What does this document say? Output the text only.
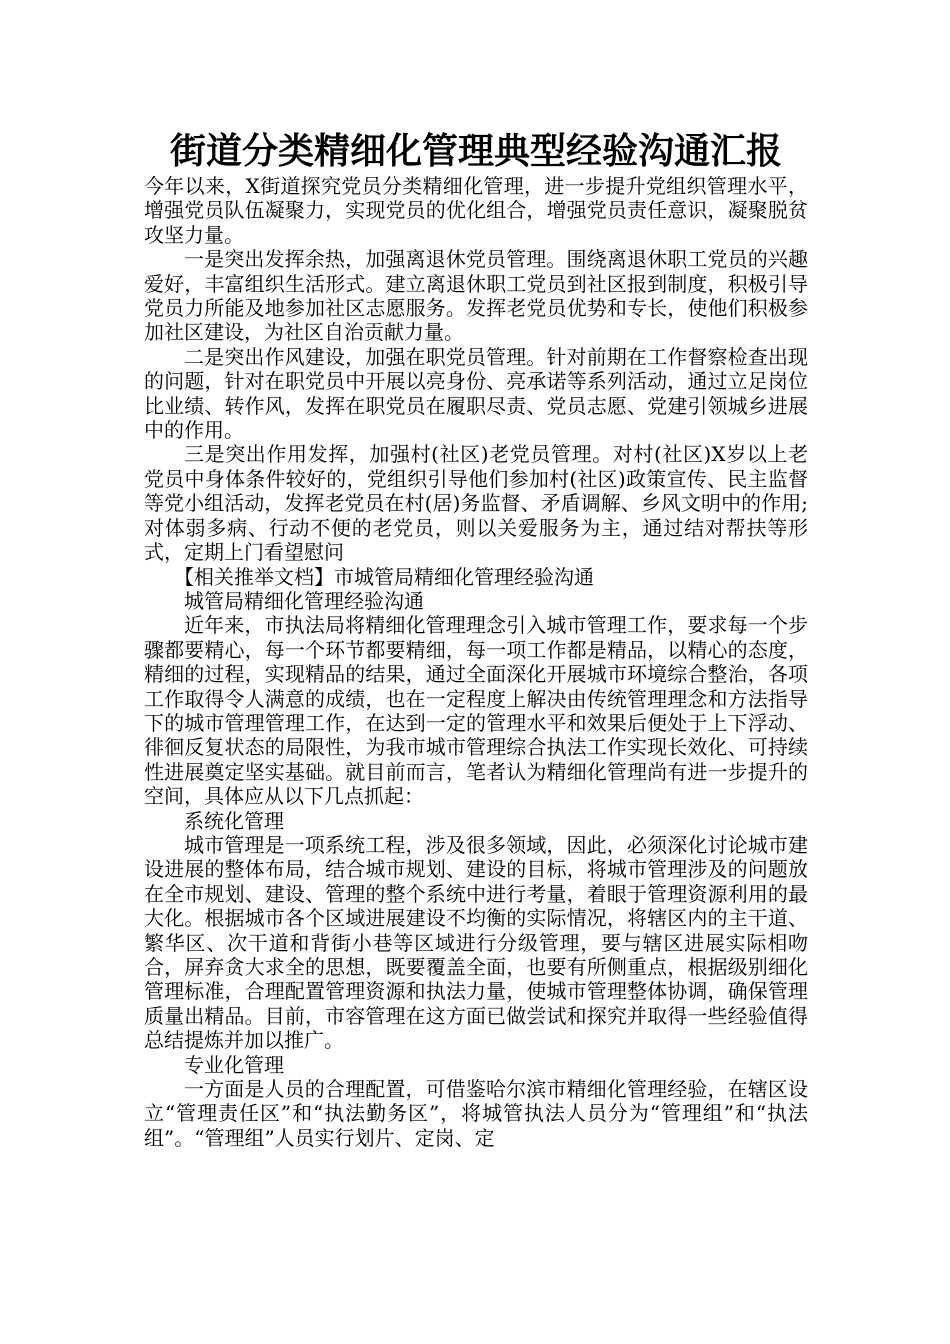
街道分类精细化管理典型经验沟通汇报

今年以来，X街道探究党员分类精细化管理，进一步提升党组织管理水平，增强党员队伍凝聚力，实现党员的优化组合，增强党员责任意识，凝聚脱贫攻坚力量。

一是突出发挥余热，加强离退休党员管理。围绕离退休职工党员的兴趣爱好，丰富组织生活形式。建立离退休职工党员到社区报到制度，积极引导党员力所能及地参加社区志愿服务。发挥老党员优势和专长，使他们积极参加社区建设，为社区自治贡献力量。

二是突出作风建设，加强在职党员管理。针对前期在工作督察检查出现的问题，针对在职党员中开展以亮身份、亮承诺等系列活动，通过立足岗位比业绩、转作风，发挥在职党员在履职尽责、党员志愿、党建引领城乡进展中的作用。

三是突出作用发挥，加强村(社区)老党员管理。对村(社区)X岁以上老党员中身体条件较好的，党组织引导他们参加村(社区)政策宣传、民主监督等党小组活动，发挥老党员在村(居)务监督、矛盾调解、乡风文明中的作用;对体弱多病、行动不便的老党员，则以关爱服务为主，通过结对帮扶等形式，定期上门看望慰问

【相关推举文档】市城管局精细化管理经验沟通

城管局精细化管理经验沟通

近年来，市执法局将精细化管理理念引入城市管理工作，要求每一个步骤都要精心，每一个环节都要精细，每一项工作都是精品，以精心的态度，精细的过程，实现精品的结果，通过全面深化开展城市环境综合整治，各项工作取得令人满意的成绩，也在一定程度上解决由传统管理理念和方法指导下的城市管理管理工作，在达到一定的管理水平和效果后便处于上下浮动、徘徊反复状态的局限性，为我市城市管理综合执法工作实现长效化、可持续性进展奠定坚实基础。就目前而言，笔者认为精细化管理尚有进一步提升的空间，具体应从以下几点抓起：

系统化管理

城市管理是一项系统工程，涉及很多领域，因此，必须深化讨论城市建设进展的整体布局，结合城市规划、建设的目标，将城市管理涉及的问题放在全市规划、建设、管理的整个系统中进行考量，着眼于管理资源利用的最大化。根据城市各个区域进展建设不均衡的实际情况，将辖区内的主干道、繁华区、次干道和背街小巷等区域进行分级管理，要与辖区进展实际相吻合，屏弃贪大求全的思想，既要覆盖全面，也要有所侧重点，根据级别细化管理标准，合理配置管理资源和执法力量，使城市管理整体协调，确保管理质量出精品。目前，市容管理在这方面已做尝试和探究并取得一些经验值得总结提炼并加以推广。

专业化管理

一方面是人员的合理配置，可借鉴哈尔滨市精细化管理经验，在辖区设立“管理责任区”和“执法勤务区”，将城管执法人员分为“管理组”和“执法组”。“管理组”人员实行划片、定岗、定
